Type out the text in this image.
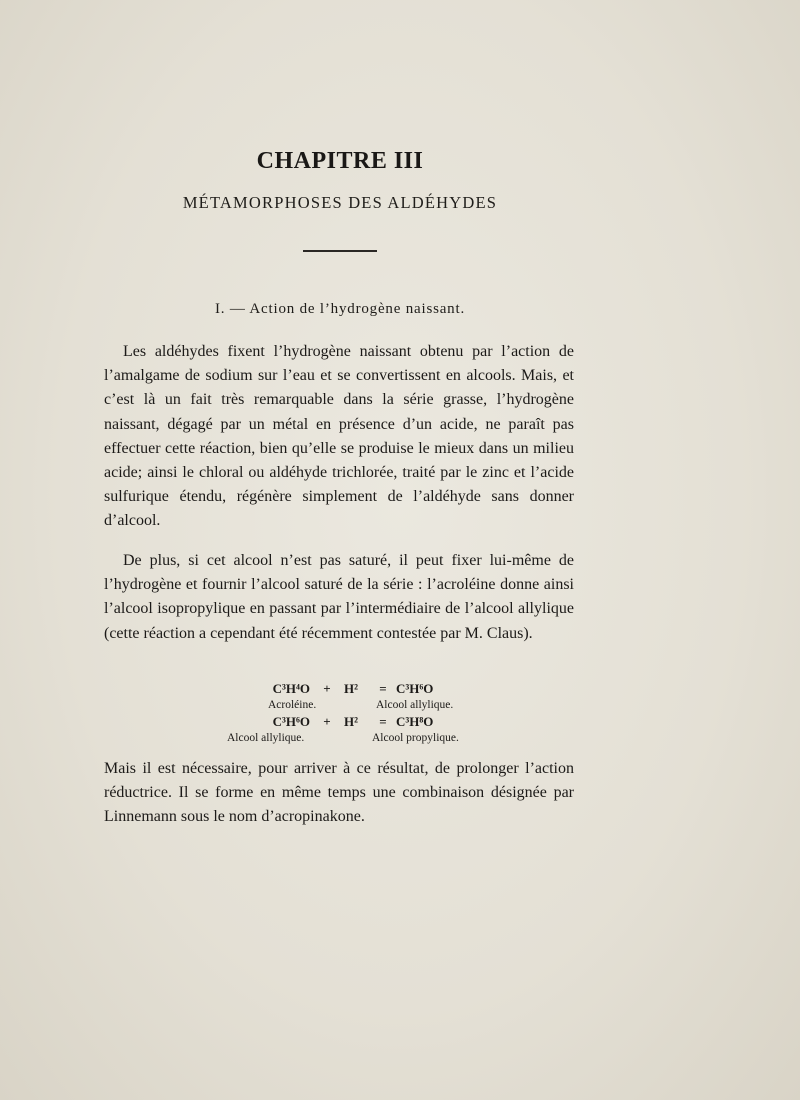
CHAPITRE III
MÉTAMORPHOSES DES ALDÉHYDES
I. — Action de l’hydrogène naissant.

Les aldéhydes fixent l’hydrogène naissant obtenu par l’action de l’amalgame de sodium sur l’eau et se convertissent en alcools. Mais, et c’est là un fait très remarquable dans la série grasse, l’hydrogène naissant, dégagé par un métal en présence d’un acide, ne paraît pas effectuer cette réaction, bien qu’elle se produise le mieux dans un milieu acide; ainsi le chloral ou aldéhyde trichlorée, traité par le zinc et l’acide sulfurique étendu, régénère simplement de l’aldéhyde sans donner d’alcool.

De plus, si cet alcool n’est pas saturé, il peut fixer lui-même de l’hydrogène et fournir l’alcool saturé de la série : l’acroléine donne ainsi l’alcool isopropylique en passant par l’intermédiaire de l’alcool allylique (cette réaction a cependant été récemment contestée par M. Claus).

C³H⁴O	+	H²	= C³H⁶O
Acroléine.	Alcool allylique.
C³H⁶O	+	H²	= C³H⁸O
Alcool allylique.	Alcool propylique.

Mais il est nécessaire, pour arriver à ce résultat, de prolonger l’action réductrice. Il se forme en même temps une combinaison désignée par Linnemann sous le nom d’acropinakone.
